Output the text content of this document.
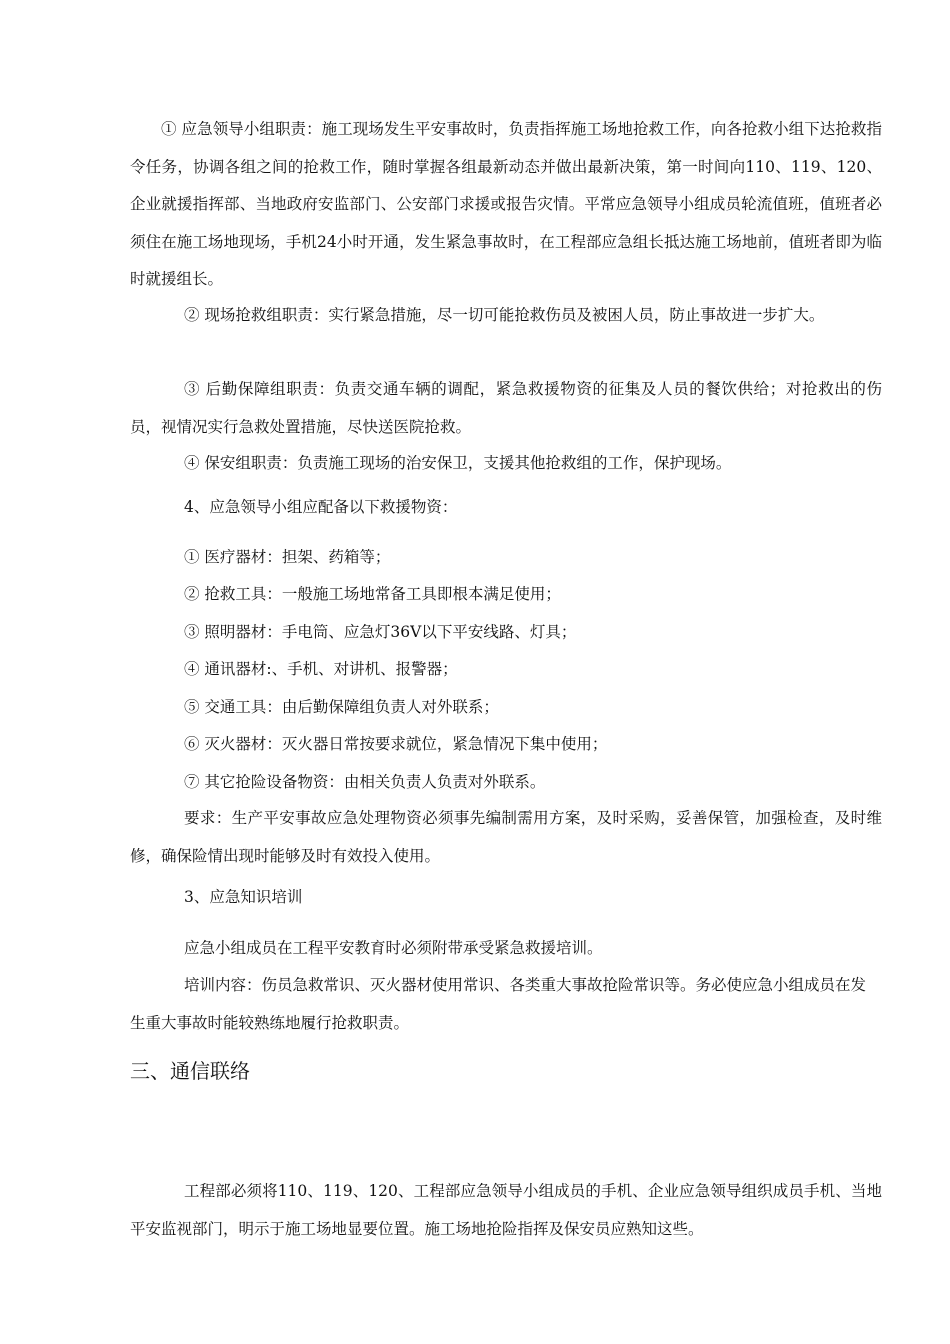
① 应急领导小组职责：施工现场发生平安事故时，负责指挥施工场地抢救工作，向各抢救小组下达抢救指令任务，协调各组之间的抢救工作，随时掌握各组最新动态并做出最新决策，第一时间向110、119、120、企业就援指挥部、当地政府安监部门、公安部门求援或报告灾情。平常应急领导小组成员轮流值班，值班者必须住在施工场地现场，手机24小时开通，发生紧急事故时，在工程部应急组长抵达施工场地前，值班者即为临时就援组长。

② 现场抢救组职责：实行紧急措施，尽一切可能抢救伤员及被困人员，防止事故进一步扩大。

③ 后勤保障组职责：负责交通车辆的调配，紧急救援物资的征集及人员的餐饮供给；对抢救出的伤员，视情况实行急救处置措施，尽快送医院抢救。

④ 保安组职责：负责施工现场的治安保卫，支援其他抢救组的工作，保护现场。

4、应急领导小组应配备以下救援物资：
① 医疗器材：担架、药箱等；
② 抢救工具：一般施工场地常备工具即根本满足使用；
③ 照明器材：手电筒、应急灯36V以下平安线路、灯具；
④ 通讯器材:、手机、对讲机、报警器；
⑤ 交通工具：由后勤保障组负责人对外联系；
⑥ 灭火器材：灭火器日常按要求就位，紧急情况下集中使用；
⑦ 其它抢险设备物资：由相关负责人负责对外联系。

要求：生产平安事故应急处理物资必须事先编制需用方案，及时采购，妥善保管，加强检查，及时维修，确保险情出现时能够及时有效投入使用。

3、应急知识培训
应急小组成员在工程平安教育时必须附带承受紧急救援培训。

培训内容：伤员急救常识、灭火器材使用常识、各类重大事故抢险常识等。务必使应急小组成员在发生重大事故时能较熟练地履行抢救职责。

三、通信联络

工程部必须将110、119、120、工程部应急领导小组成员的手机、企业应急领导组织成员手机、当地平安监视部门，明示于施工场地显要位置。施工场地抢险指挥及保安员应熟知这些。
